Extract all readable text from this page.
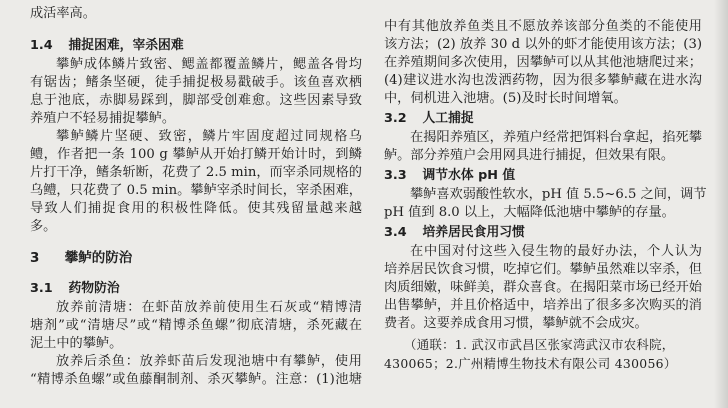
成活率高。
1.4 捕捉困难，宰杀困难
攀鲈成体鳞片致密、鳃盖都覆盖鳞片，鳃盖各骨均
有锯齿；鳍条坚硬，徒手捕捉极易戳破手。该鱼喜欢栖
息于池底，赤脚易踩到，脚部受创难愈。这些因素导致
养殖户不轻易捕捉攀鲈。
攀鲈鳞片坚硬、致密，鳞片牢固度超过同规格乌
鳢，作者把一条 100 g 攀鲈从开始打鳞开始计时，到鳞
片打干净，鳍条斩断，花费了 2.5 min，而宰杀同规格的
乌鳢，只花费了 0.5 min。攀鲈宰杀时间长，宰杀困难，
导致人们捕捉食用的积极性降低。使其残留量越来越
多。
3 攀鲈的防治
3.1 药物防治
放养前清塘：在虾苗放养前使用生石灰或“精博清
塘剂”或“清塘尽”或“精博杀鱼螺”彻底清塘，杀死藏在
泥土中的攀鲈。
放养后杀鱼：放养虾苗后发现池塘中有攀鲈，使用
“精博杀鱼螺”或鱼藤酮制剂、杀灭攀鲈。注意：(1)池塘
中有其他放养鱼类且不愿放养该部分鱼类的不能使用
该方法；(2) 放养 30 d 以外的虾才能使用该方法；(3)
在养殖期间多次使用，因攀鲈可以从其他池塘爬过来；
(4)建议进水沟也泼洒药物，因为很多攀鲈藏在进水沟
中，伺机进入池塘。(5)及时长时间增氧。
3.2 人工捕捉
在揭阳养殖区，养殖户经常把饵料台拿起，掐死攀
鲈。部分养殖户会用网具进行捕捉，但效果有限。
3.3 调节水体 pH 值
攀鲈喜欢弱酸性软水，pH 值 5.5~6.5 之间，调节
pH 值到 8.0 以上，大幅降低池塘中攀鲈的存量。
3.4 培养居民食用习惯
在中国对付这些入侵生物的最好办法，个人认为
培养居民饮食习惯，吃掉它们。攀鲈虽然难以宰杀，但
肉质细嫩，味鲜美，群众喜食。在揭阳菜市场已经开始
出售攀鲈，并且价格适中，培养出了很多多次购买的消
费者。这要养成食用习惯，攀鲈就不会成灾。
（通联：1. 武汉市武昌区张家湾武汉市农科院，
430065；2.广州精博生物技术有限公司 430056）
